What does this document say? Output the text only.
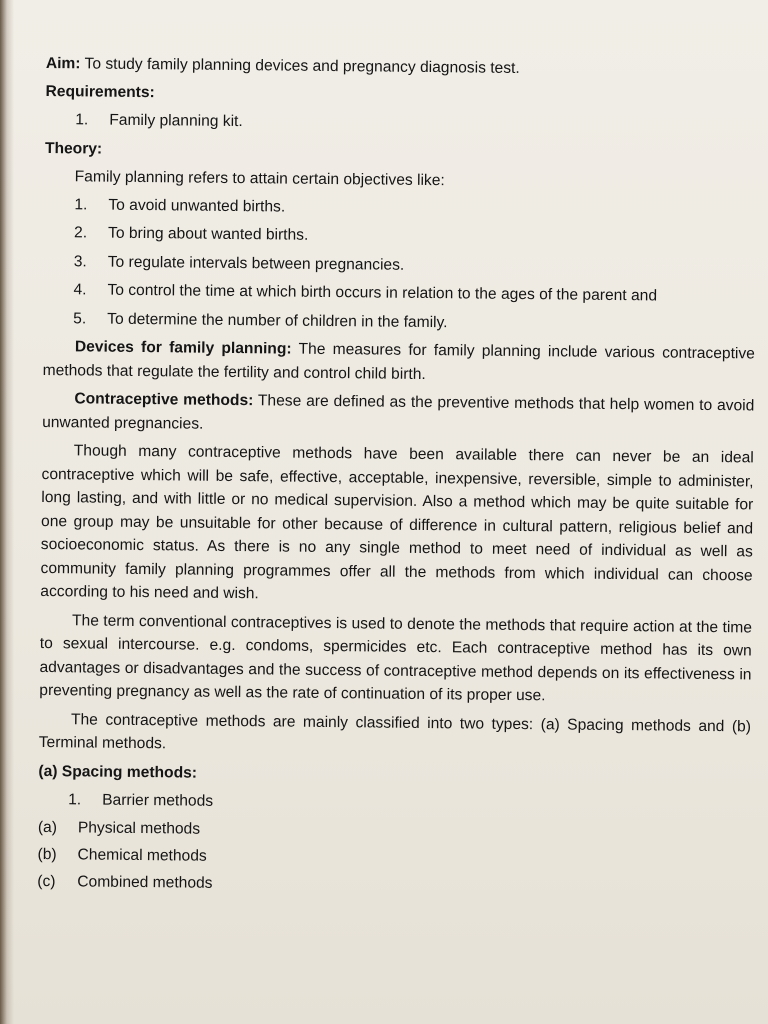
Aim: To study family planning devices and pregnancy diagnosis test.
Requirements:
1.	Family planning kit.
Theory:
Family planning refers to attain certain objectives like:
1.	To avoid unwanted births.
2.	To bring about wanted births.
3.	To regulate intervals between pregnancies.
4.	To control the time at which birth occurs in relation to the ages of the parent and
5.	To determine the number of children in the family.

Devices for family planning: The measures for family planning include various contraceptive methods that regulate the fertility and control child birth.

Contraceptive methods: These are defined as the preventive methods that help women to avoid unwanted pregnancies.

Though many contraceptive methods have been available there can never be an ideal contraceptive which will be safe, effective, acceptable, inexpensive, reversible, simple to administer, long lasting, and with little or no medical supervision. Also a method which may be quite suitable for one group may be unsuitable for other because of difference in cultural pattern, religious belief and socioeconomic status. As there is no any single method to meet need of individual as well as community family planning programmes offer all the methods from which individual can choose according to his need and wish.

The term conventional contraceptives is used to denote the methods that require action at the time to sexual intercourse. e.g. condoms, spermicides etc. Each contraceptive method has its own advantages or disadvantages and the success of contraceptive method depends on its effectiveness in preventing pregnancy as well as the rate of continuation of its proper use.

The contraceptive methods are mainly classified into two types: (a) Spacing methods and (b) Terminal methods.

(a) Spacing methods:
1.	Barrier methods
(a)	Physical methods
(b)	Chemical methods
(c)	Combined methods
